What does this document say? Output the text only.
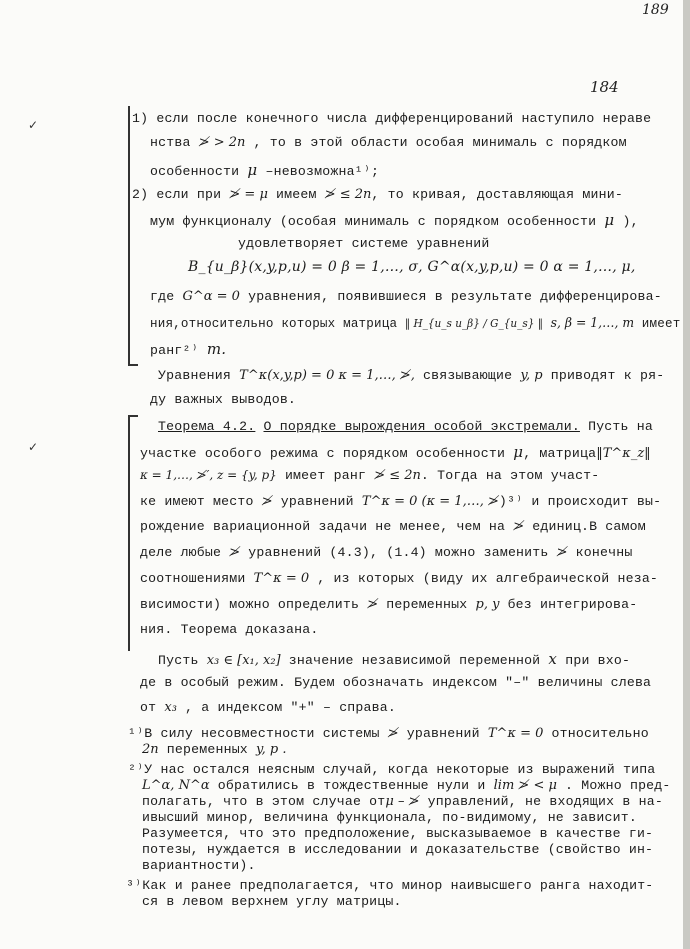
189
184
✓
✓
1) если после конечного числа дифференцирований наступило нераве
нства ≯ > 2n , то в этой области особая минималь с порядком
особенности μ –невозможна¹⁾;
2) если при ≯ = μ имеем ≯ ≤ 2n, то кривая, доставляющая мини-
мум функционалу (особая минималь с порядком особенности μ ),
удовлетворяет системе уравнений
B_{u_β}(x,y,p,u) = 0 β = 1,…, σ, G^α(x,y,p,u) = 0 α = 1,…, μ,
где G^α = 0 уравнения, появившиеся в результате дифференцирова-
ния,относительно которых матрица ‖ H_{u_s u_β} / G_{u_s} ‖ s, β = 1,…, m имеет
ранг²⁾ m.
Уравнения T^κ(x,y,p) = 0 κ = 1,…, ≯, связывающие y, p приводят к ря-
ду важных выводов.
Теорема 4.2. О порядке вырождения особой экстремали. Пусть на
участке особого режима с порядком особенности μ, матрица‖T^κ_z‖
κ = 1,…, ≯′, z = {y, p} имеет ранг ≯ ≤ 2n. Тогда на этом участ-
ке имеют место ≯ уравнений T^κ = 0 (κ = 1,…, ≯)³⁾ и происходит вы-
рождение вариационной задачи не менее, чем на ≯ единиц.В самом
деле любые ≯ уравнений (4.3), (1.4) можно заменить ≯ конечны
соотношениями T^κ = 0 , из которых (виду их алгебраической неза-
висимости) можно определить ≯ переменных p, y без интегрирова-
ния. Теорема доказана.
Пусть x₃ ∈ [x₁, x₂] значение независимой переменной x при вхо-
де в особый режим. Будем обозначать индексом "–" величины слева
от x₃ , а индексом "+" – справа.
¹⁾В силу несовместности системы ≯ уравнений T^κ = 0 относительно
2n переменных y, p .
²⁾У нас остался неясным случай, когда некоторые из выражений типа
L^α, N^α обратились в тождественные нули и lim ≯ < μ . Можно пред-
полагать, что в этом случае отμ – ≯ управлений, не входящих в на-
ивысший минор, величина функционала, по-видимому, не зависит.
Разумеется, что это предположение, высказываемое в качестве ги-
потезы, нуждается в исследовании и доказательстве (свойство ин-
вариантности).
³⁾Как и ранее предполагается, что минор наивысшего ранга находит-
ся в левом верхнем углу матрицы.
